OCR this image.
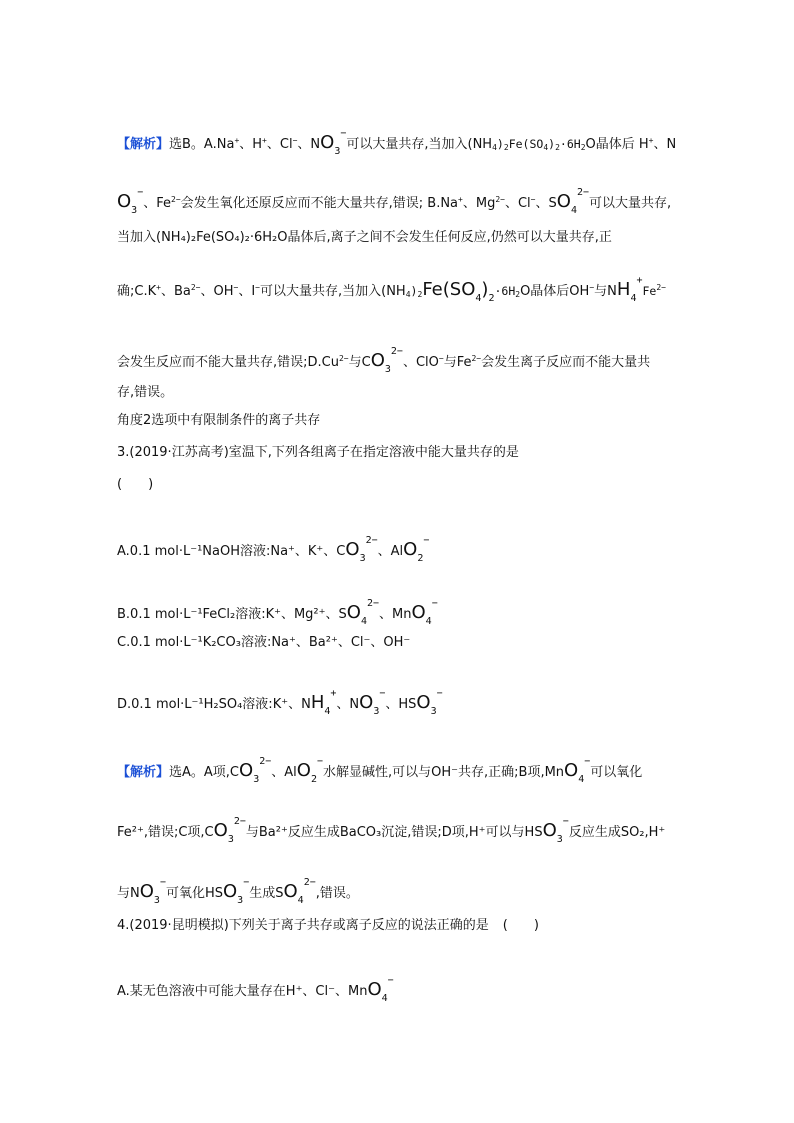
【解析】选B。A.Na+、H+、Cl−、NO3−可以大量共存,当加入(NH4)2Fe(SO4)2·6H2O晶体后 H+、N
O3−、$Fe^{2-}$会发生氧化还原反应而不能大量共存,错误; B.Na+、$Mg^{2-}$、Cl−、SO42−可以大量共存,
当加入(NH₄)₂Fe(SO₄)₂·6H₂O晶体后,离子之间不会发生任何反应,仍然可以大量共存,正
确;C.K+、$Ba^{2-}$、OH−、I−可以大量共存,当加入(NH4)2Fe(SO4)2·6H2O晶体后OH−与$NH4+Fe^{2-}$
会发生反应而不能大量共存,错误$;D.Cu^{2-}$与CO32−、ClO−与$Fe^{2-}$会发生离子反应而不能大量共
存,错误。
角度2选项中有限制条件的离子共存
3.(2019·江苏高考)室温下,下列各组离子在指定溶液中能大量共存的是
(　　)
A.0.1 mol·L⁻¹NaOH溶液:Na⁺、K⁺、CO32−、AlO2−
B.0.1 mol·L⁻¹FeCl₂溶液:K⁺、Mg²⁺、SO42−、MnO4−
C.0.1 mol·L⁻¹K₂CO₃溶液:Na⁺、Ba²⁺、Cl⁻、OH⁻
D.0.1 mol·L⁻¹H₂SO₄溶液:K⁺、NH4+、NO3−、HSO3−
【解析】选A。A项,CO32−、AlO2−水解显碱性,可以与OH⁻共存,正确;B项,MnO4−可以氧化
Fe²⁺,错误;C项,CO32−与Ba²⁺反应生成BaCO₃沉淀,错误;D项,H⁺可以与HSO3−反应生成SO₂,H⁺
与NO3−可氧化HSO3−生成SO42−,错误。
4.(2019·昆明模拟)下列关于离子共存或离子反应的说法正确的是 (　　)
A.某无色溶液中可能大量存在H⁺、Cl⁻、MnO4−
